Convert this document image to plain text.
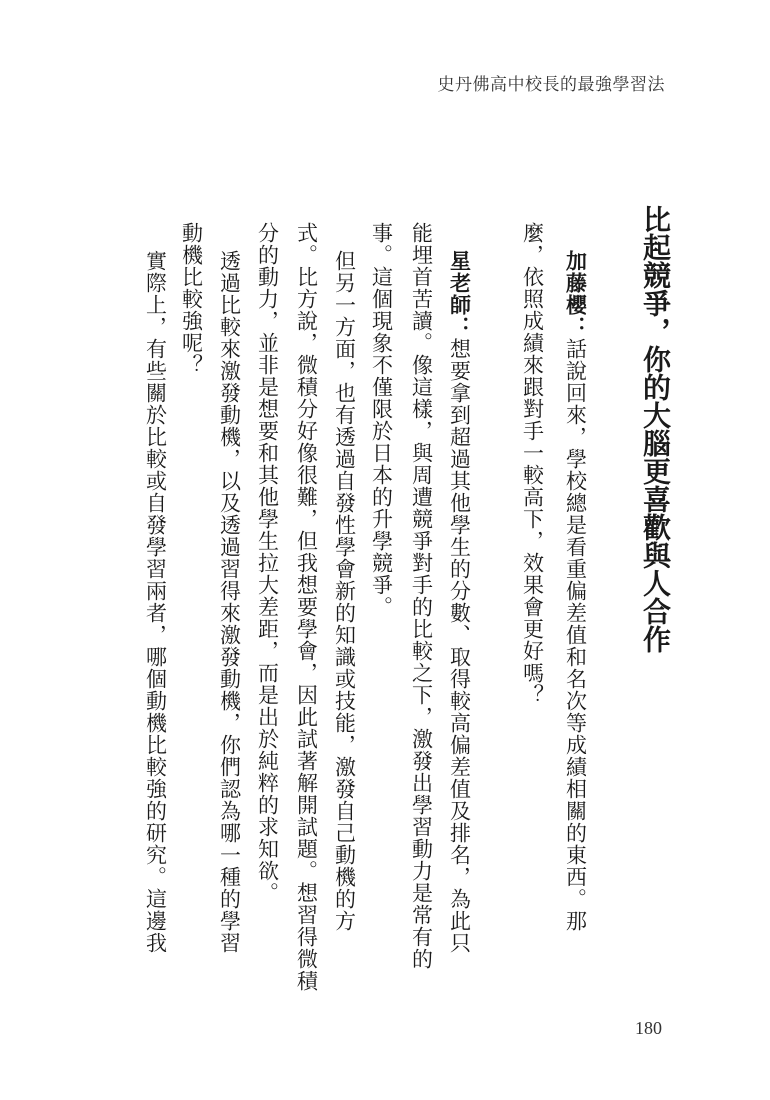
史丹佛高中校長的最強學習法
比起競爭，你的大腦更喜歡與人合作
加藤櫻：話說回來，學校總是看重偏差值和名次等成績相關的東西。那
麼，依照成績來跟對手一較高下，效果會更好嗎？
星老師：想要拿到超過其他學生的分數、取得較高偏差值及排名，為此只
能埋首苦讀。像這樣，與周遭競爭對手的比較之下，激發出學習動力是常有的
事。這個現象不僅限於日本的升學競爭。
但另一方面，也有透過自發性學會新的知識或技能，激發自己動機的方
式。比方說，微積分好像很難，但我想要學會，因此試著解開試題。想習得微積
分的動力，並非是想要和其他學生拉大差距，而是出於純粹的求知欲。
透過比較來激發動機，以及透過習得來激發動機，你們認為哪一種的學習
動機比較強呢？
實際上，有些關於比較或自發學習兩者，哪個動機比較強的研究。這邊我
180
